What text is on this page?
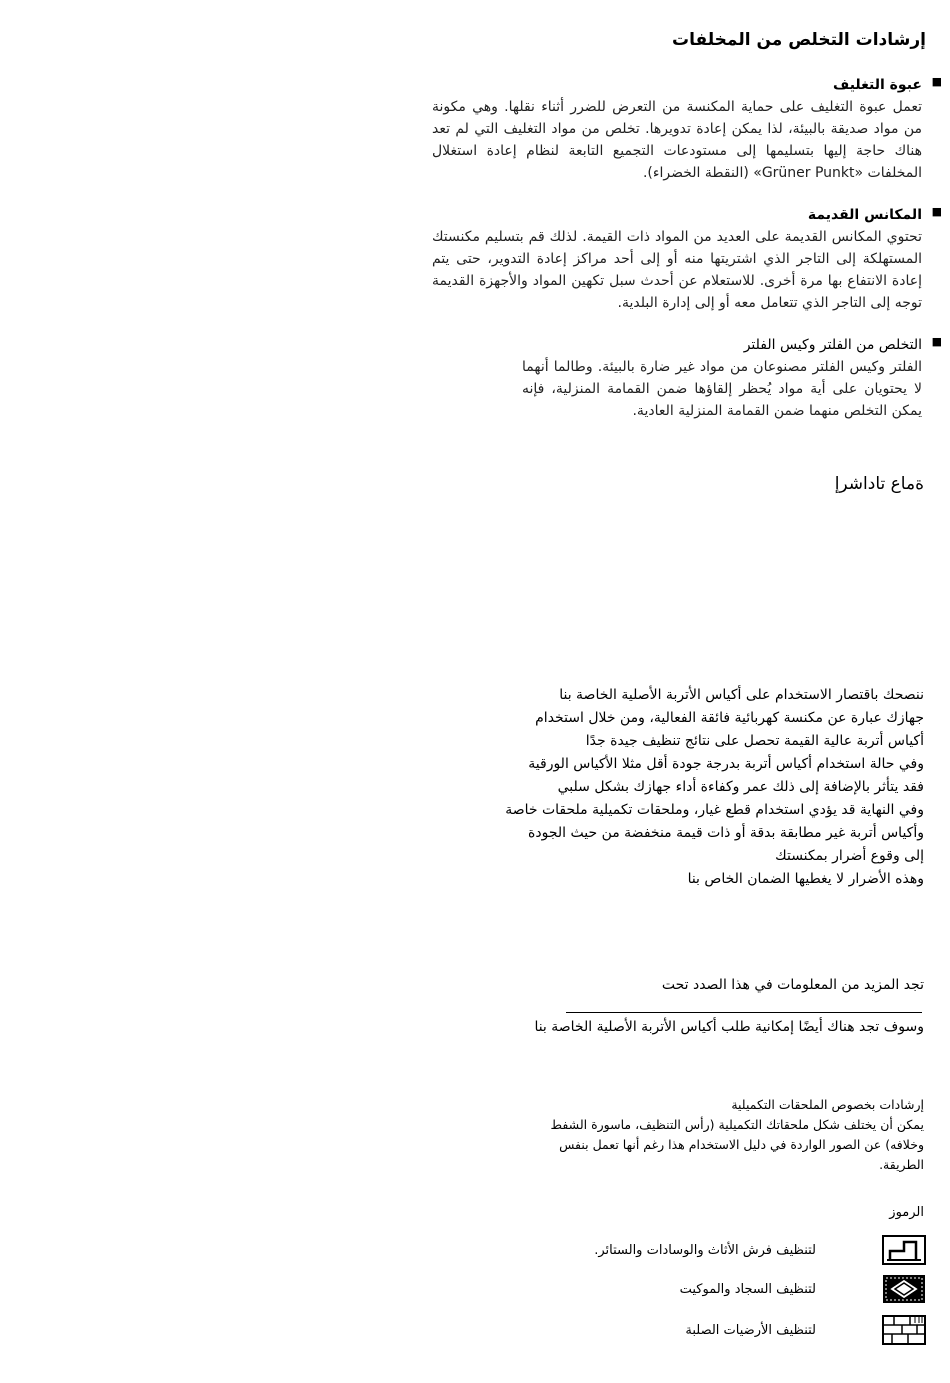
إرشادات التخلص من المخلفات
■
عبوة التغليف
تعمل عبوة التغليف على حماية المكنسة من التعرض للضرر أثناء نقلها. وهي مكونة من مواد صديقة بالبيئة، لذا يمكن إعادة تدويرها. تخلص من مواد التغليف التي لم تعد هناك حاجة إليها بتسليمها إلى مستودعات التجميع التابعة لنظام إعادة استغلال المخلفات «Grüner Punkt» (النقطة الخضراء).
■
المكانس القديمة
تحتوي المكانس القديمة على العديد من المواد ذات القيمة. لذلك قم بتسليم مكنستك المستهلكة إلى التاجر الذي اشتريتها منه أو إلى أحد مراكز إعادة التدوير، حتى يتم إعادة الانتفاع بها مرة أخرى. للاستعلام عن أحدث سبل تكهين المواد والأجهزة القديمة توجه إلى التاجر الذي تتعامل معه أو إلى إدارة البلدية.
■
التخلص من الفلتر وكيس الفلتر
الفلتر وكيس الفلتر مصنوعان من مواد غير ضارة بالبيئة. وطالما أنهما لا يحتويان على أية مواد يُحظر إلقاؤها ضمن القمامة المنزلية، فإنه يمكن التخلص منهما ضمن القمامة المنزلية العادية.
ةماع تاداشرإ
ننصحك باقتصار الاستخدام على أكياس الأتربة الأصلية الخاصة بنا
جهازك عبارة عن مكنسة كهربائية فائقة الفعالية، ومن خلال استخدام أكياس أتربة عالية القيمة تحصل على نتائج تنظيف جيدة جدًا
وفي حالة استخدام أكياس أتربة بدرجة جودة أقل مثلا الأكياس الورقية فقد يتأثر بالإضافة إلى ذلك عمر وكفاءة أداء جهازك بشكل سلبي
وفي النهاية قد يؤدي استخدام قطع غيار، وملحقات تكميلية ملحقات خاصة وأكياس أتربة غير مطابقة بدقة أو ذات قيمة منخفضة من حيث الجودة إلى وقوع أضرار بمكنستك
وهذه الأضرار لا يغطيها الضمان الخاص بنا
تجد المزيد من المعلومات في هذا الصدد تحت
وسوف تجد هناك أيضًا إمكانية طلب أكياس الأتربة الأصلية الخاصة بنا
إرشادات بخصوص الملحقات التكميلية
يمكن أن يختلف شكل ملحقاتك التكميلية (رأس التنظيف، ماسورة الشفط وخلافه) عن الصور الواردة في دليل الاستخدام هذا رغم أنها تعمل بنفس الطريقة.
الرموز
لتنظيف فرش الأثاث والوسادات والستائر.
لتنظيف السجاد والموكيت
لتنظيف الأرضيات الصلبة
